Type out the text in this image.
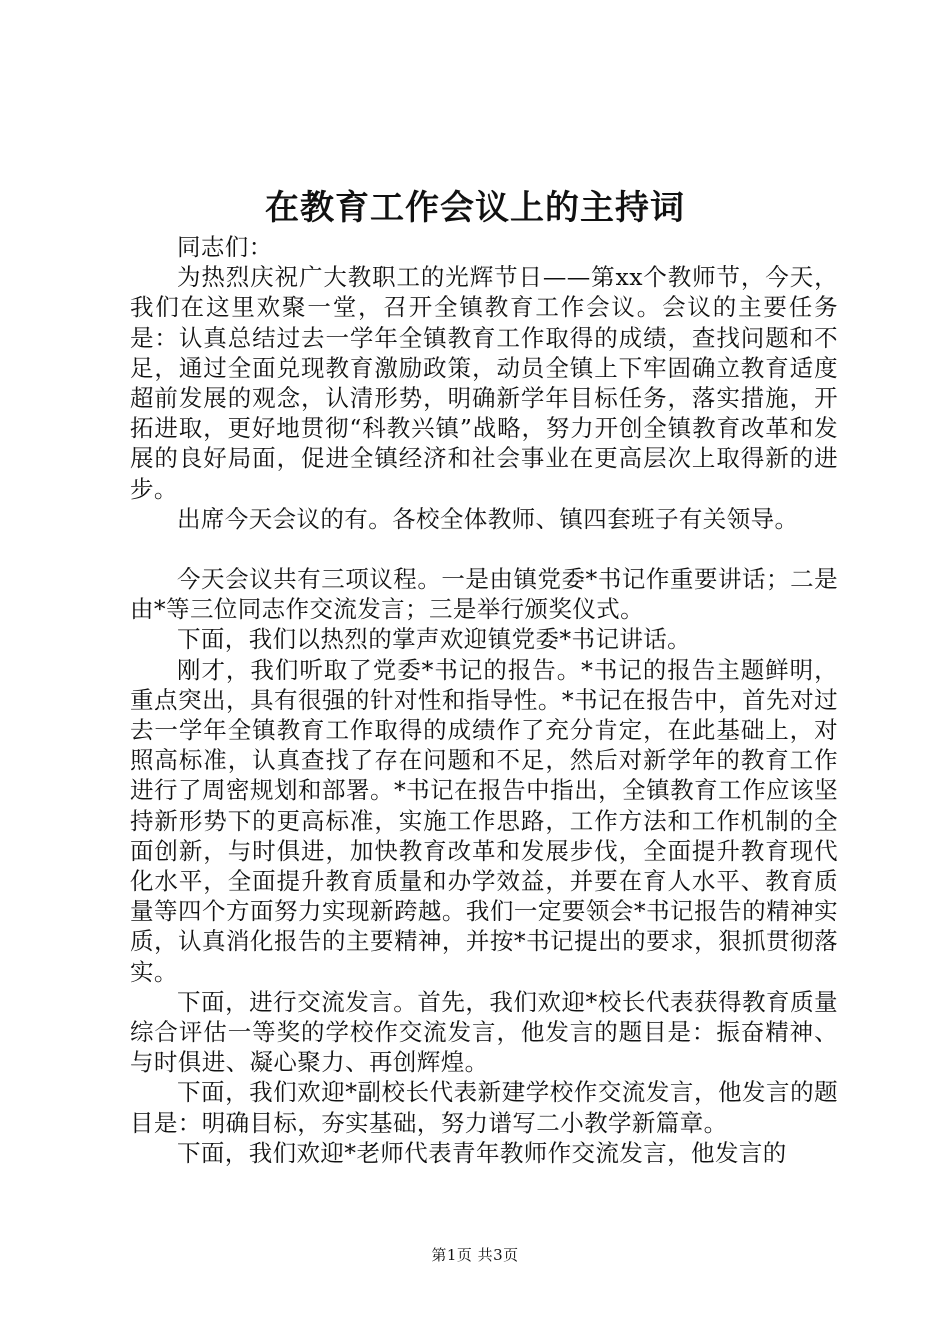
在教育工作会议上的主持词

同志们：

为热烈庆祝广大教职工的光辉节日——第xx个教师节，今天，我们在这里欢聚一堂，召开全镇教育工作会议。会议的主要任务是：认真总结过去一学年全镇教育工作取得的成绩，查找问题和不足，通过全面兑现教育激励政策，动员全镇上下牢固确立教育适度超前发展的观念，认清形势，明确新学年目标任务，落实措施，开拓进取，更好地贯彻“科教兴镇”战略，努力开创全镇教育改革和发展的良好局面，促进全镇经济和社会事业在更高层次上取得新的进步。

出席今天会议的有。各校全体教师、镇四套班子有关领导。

今天会议共有三项议程。一是由镇党委*书记作重要讲话；二是由*等三位同志作交流发言；三是举行颁奖仪式。

下面，我们以热烈的掌声欢迎镇党委*书记讲话。

刚才，我们听取了党委*书记的报告。*书记的报告主题鲜明，重点突出，具有很强的针对性和指导性。*书记在报告中，首先对过去一学年全镇教育工作取得的成绩作了充分肯定，在此基础上，对照高标准，认真查找了存在问题和不足，然后对新学年的教育工作进行了周密规划和部署。*书记在报告中指出，全镇教育工作应该坚持新形势下的更高标准，实施工作思路，工作方法和工作机制的全面创新，与时俱进，加快教育改革和发展步伐，全面提升教育现代化水平，全面提升教育质量和办学效益，并要在育人水平、教育质量等四个方面努力实现新跨越。我们一定要领会*书记报告的精神实质，认真消化报告的主要精神，并按*书记提出的要求，狠抓贯彻落实。

下面，进行交流发言。首先，我们欢迎*校长代表获得教育质量综合评估一等奖的学校作交流发言，他发言的题目是：振奋精神、与时俱进、凝心聚力、再创辉煌。

下面，我们欢迎*副校长代表新建学校作交流发言，他发言的题目是：明确目标，夯实基础，努力谱写二小教学新篇章。

下面，我们欢迎*老师代表青年教师作交流发言，他发言的

第1页 共3页
